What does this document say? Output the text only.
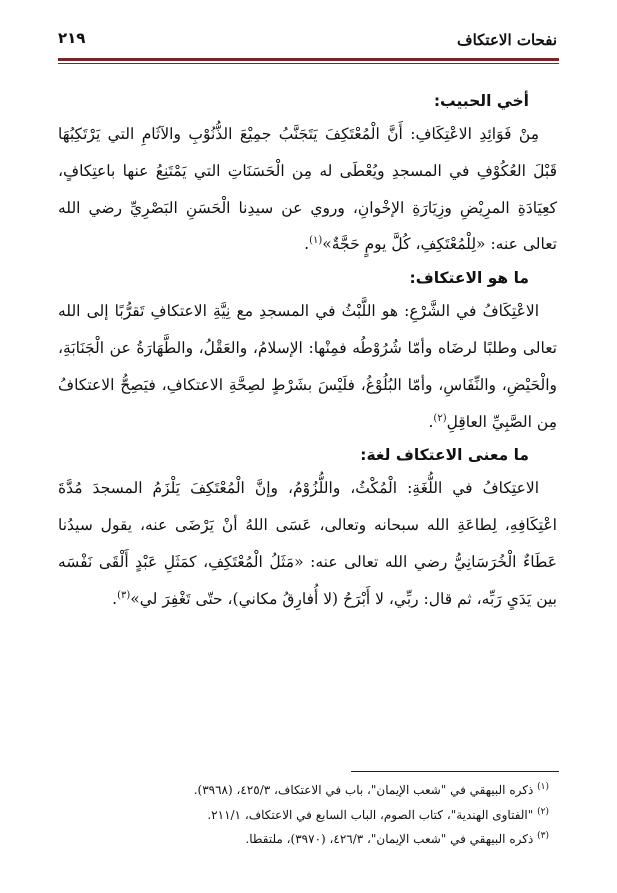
نفحات الاعتكاف
٢١٩

أخي الحبيب:

مِنْ فَوَائِدِ الاعْتِكَافِ: أَنَّ الْمُعْتَكِفَ يَتَجَنَّبُ جمِيْعَ الذُّنُوْبِ والآثَامِ التي يَرْتَكِبُهَا قَبْلَ العُكُوْفِ في المسجدِ ويُعْطَى له مِن الْحَسَنَاتِ التي يَمْتَنِعُ عنها باعتِكافٍ، كعِيَادَةِ المرِيْضِ وزِيَارَةِ الإخْوانِ، وروي عن سيدِنا الْحَسَنِ البَصْرِيِّ رضي الله تعالى عنه: «لِلْمُعْتَكِفِ، كُلَّ يومٍ حَجَّةٌ»$^{(١)}$.

ما هو الاعتكاف:

الاعْتِكَافُ في الشَّرْعِ: هو اللَّبْثُ في المسجدِ مع نِيَّةِ الاعتكافِ تَقرُّبًا إلى الله تعالى وطلبًا لرضَاه وأمّا شُرُوْطُه فمِنْها: الإسلامُ، والعَقْلُ، والطَّهَارَةُ عن الْجَنَابَةِ، والْحَيْضِ، والنِّفَاسِ، وأمّا البُلُوْغُ، فلَيْسَ بشَرْطٍ لصِحَّةِ الاعتكافِ، فيَصِحُّ الاعتكافُ مِن الصَّبِيِّ العاقِلِ$^{(٢)}$.

ما معنى الاعتكاف لغة:

الاعتِكافُ في اللُّغَةِ: الْمُكْثُ، واللُّزُوْمُ، وإنَّ الْمُعْتَكِفَ يَلْزَمُ المسجدَ مُدَّةَ اعْتِكَافِهِ، لِطاعَةِ الله سبحانه وتعالى، عَسَى اللهُ أنْ يَرْضَى عنه، يقول سيدُنا عَطَاءٌ الْخُرَسَانِيُّ رضي الله تعالى عنه: «مَثَلُ الْمُعْتَكِفِ، كمَثَلِ عَبْدٍ أَلْقَى نَفْسَه بين يَدَيِ رَبِّه، ثم قال: ربِّي، لا أَبْرَحُ (لا أُفارِقُ مكاني)، حتّى تَغْفِرَ لي»$^{(٣)}$.

$^{(١)}$ ذكره البيهقي في "شعب الإيمان"، باب في الاعتكاف، ٤٢٥/٣، (٣٩٦٨).

$^{(٢)}$ "الفتاوى الهندية"، كتاب الصوم، الباب السابع في الاعتكاف، ٢١١/١.

$^{(٣)}$ ذكره البيهقي في "شعب الإيمان"، ٤٢٦/٣، (٣٩٧٠)، ملتقطا.
